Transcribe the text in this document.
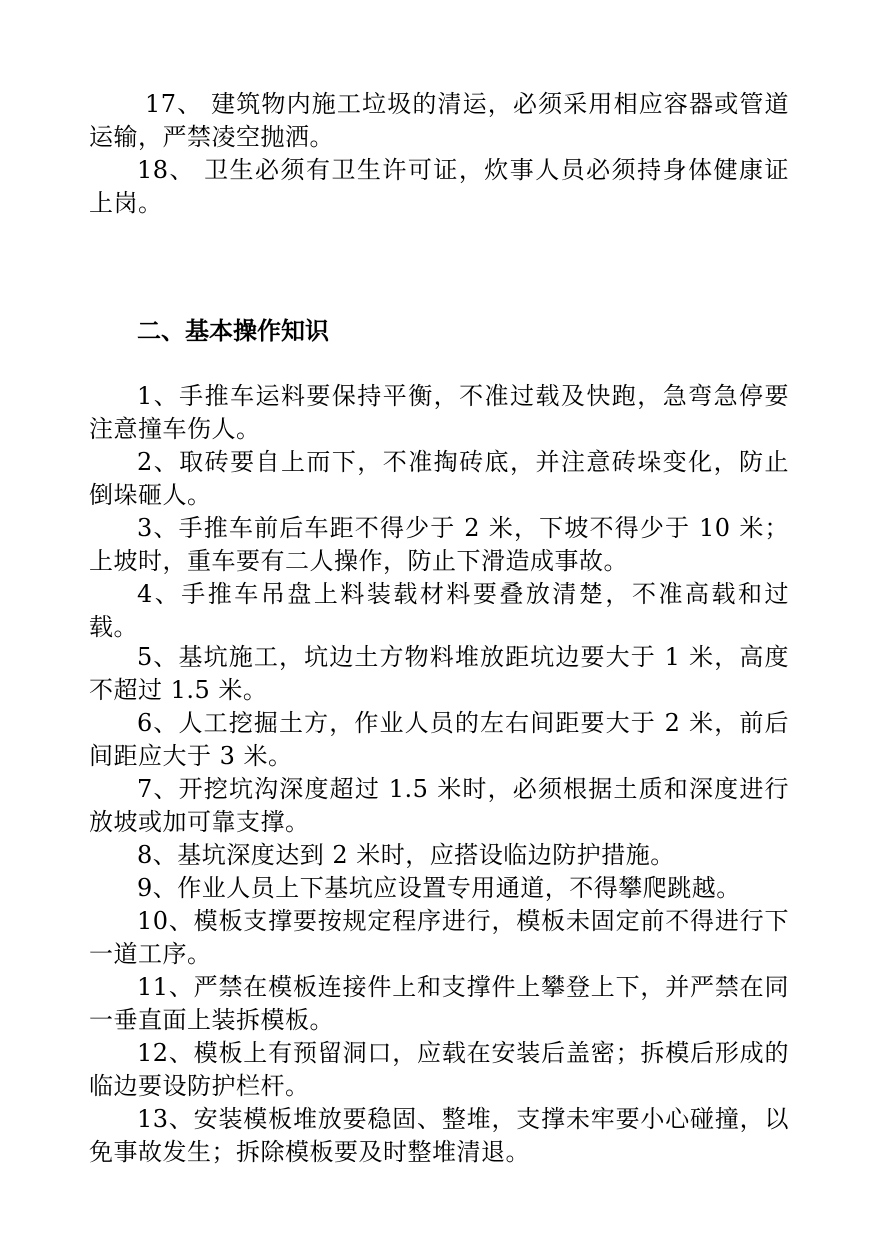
17、 建筑物内施工垃圾的清运，必须采用相应容器或管道运输，严禁凌空抛洒。

18、 卫生必须有卫生许可证，炊事人员必须持身体健康证上岗。

二、基本操作知识

1、手推车运料要保持平衡，不准过载及快跑，急弯急停要注意撞车伤人。

2、取砖要自上而下，不准掏砖底，并注意砖垛变化，防止倒垛砸人。

3、手推车前后车距不得少于 2 米，下坡不得少于 10 米；上坡时，重车要有二人操作，防止下滑造成事故。

4、手推车吊盘上料装载材料要叠放清楚，不准高载和过载。

5、基坑施工，坑边土方物料堆放距坑边要大于 1 米，高度不超过 1.5 米。

6、人工挖掘土方，作业人员的左右间距要大于 2 米，前后间距应大于 3 米。

7、开挖坑沟深度超过 1.5 米时，必须根据土质和深度进行放坡或加可靠支撑。

8、基坑深度达到 2 米时，应搭设临边防护措施。

9、作业人员上下基坑应设置专用通道，不得攀爬跳越。

10、模板支撑要按规定程序进行，模板未固定前不得进行下一道工序。

11、严禁在模板连接件上和支撑件上攀登上下，并严禁在同一垂直面上装拆模板。

12、模板上有预留洞口，应载在安装后盖密；拆模后形成的临边要设防护栏杆。

13、安装模板堆放要稳固、整堆，支撑未牢要小心碰撞，以免事故发生；拆除模板要及时整堆清退。
